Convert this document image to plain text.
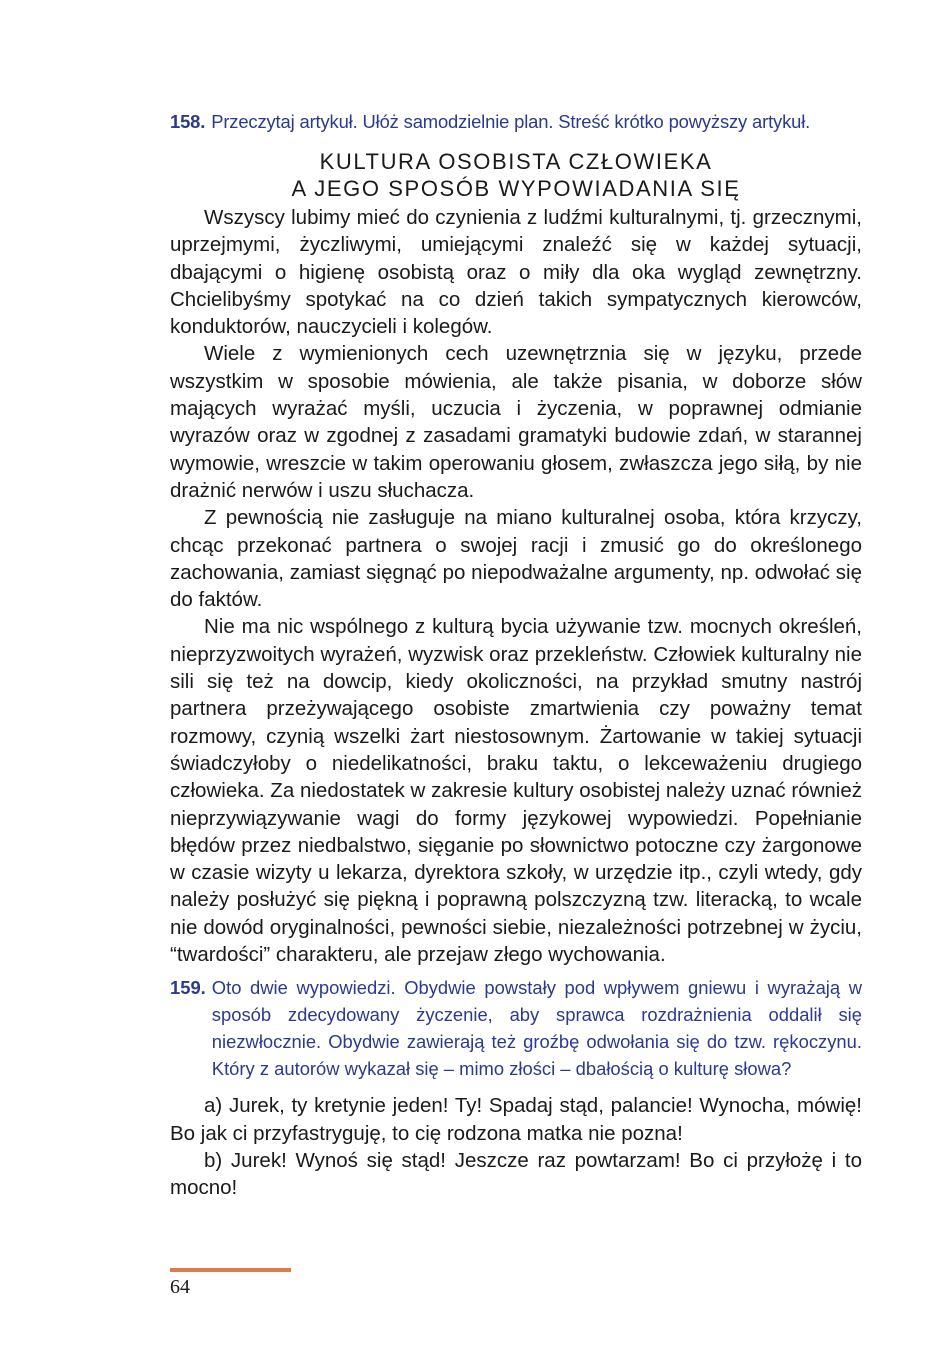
158. Przeczytaj artykuł. Ułóż samodzielnie plan. Streść krótko powyższy artykuł.
KULTURA OSOBISTA CZŁOWIEKA
A JEGO SPOSÓB WYPOWIADANIA SIĘ

Wszyscy lubimy mieć do czynienia z ludźmi kulturalnymi, tj. grzecznymi, uprzejmymi, życzliwymi, umiejącymi znaleźć się w każdej sytuacji, dbającymi o higienę osobistą oraz o miły dla oka wygląd zewnętrzny. Chcielibyśmy spotykać na co dzień takich sympatycznych kierowców, konduktorów, nauczycieli i kolegów.

Wiele z wymienionych cech uzewnętrznia się w języku, przede wszystkim w sposobie mówienia, ale także pisania, w doborze słów mających wyrażać myśli, uczucia i życzenia, w poprawnej odmianie wyrazów oraz w zgodnej z zasadami gramatyki budowie zdań, w starannej wymowie, wreszcie w takim operowaniu głosem, zwłaszcza jego siłą, by nie drażnić nerwów i uszu słuchacza.

Z pewnością nie zasługuje na miano kulturalnej osoba, która krzyczy, chcąc przekonać partnera o swojej racji i zmusić go do określonego zachowania, zamiast sięgnąć po niepodważalne argumenty, np. odwołać się do faktów.

Nie ma nic wspólnego z kulturą bycia używanie tzw. mocnych określeń, nieprzyzwoitych wyrażeń, wyzwisk oraz przekleństw. Człowiek kulturalny nie sili się też na dowcip, kiedy okoliczności, na przykład smutny nastrój partnera przeżywającego osobiste zmartwienia czy poważny temat rozmowy, czynią wszelki żart niestosownym. Żartowanie w takiej sytuacji świadczyłoby o niedelikatności, braku taktu, o lekceważeniu drugiego człowieka. Za niedostatek w zakresie kultury osobistej należy uznać również nieprzywiązywanie wagi do formy językowej wypowiedzi. Popełnianie błędów przez niedbalstwo, sięganie po słownictwo potoczne czy żargonowe w czasie wizyty u lekarza, dyrektora szkoły, w urzędzie itp., czyli wtedy, gdy należy posłużyć się piękną i poprawną polszczyzną tzw. literacką, to wcale nie dowód oryginalności, pewności siebie, niezależności potrzebnej w życiu, “twardości” charakteru, ale przejaw złego wychowania.

159. Oto dwie wypowiedzi. Obydwie powstały pod wpływem gniewu i wyrażają w sposób zdecydowany życzenie, aby sprawca rozdrażnienia oddalił się niezwłocznie. Obydwie zawierają też groźbę odwołania się do tzw. rękoczynu. Który z autorów wykazał się – mimo złości – dbałością o kulturę słowa?

a) Jurek, ty kretynie jeden! Ty! Spadaj stąd, palancie! Wynocha, mówię! Bo jak ci przyfastryguję, to cię rodzona matka nie pozna!

b) Jurek! Wynoś się stąd! Jeszcze raz powtarzam! Bo ci przyłożę i to mocno!

64
